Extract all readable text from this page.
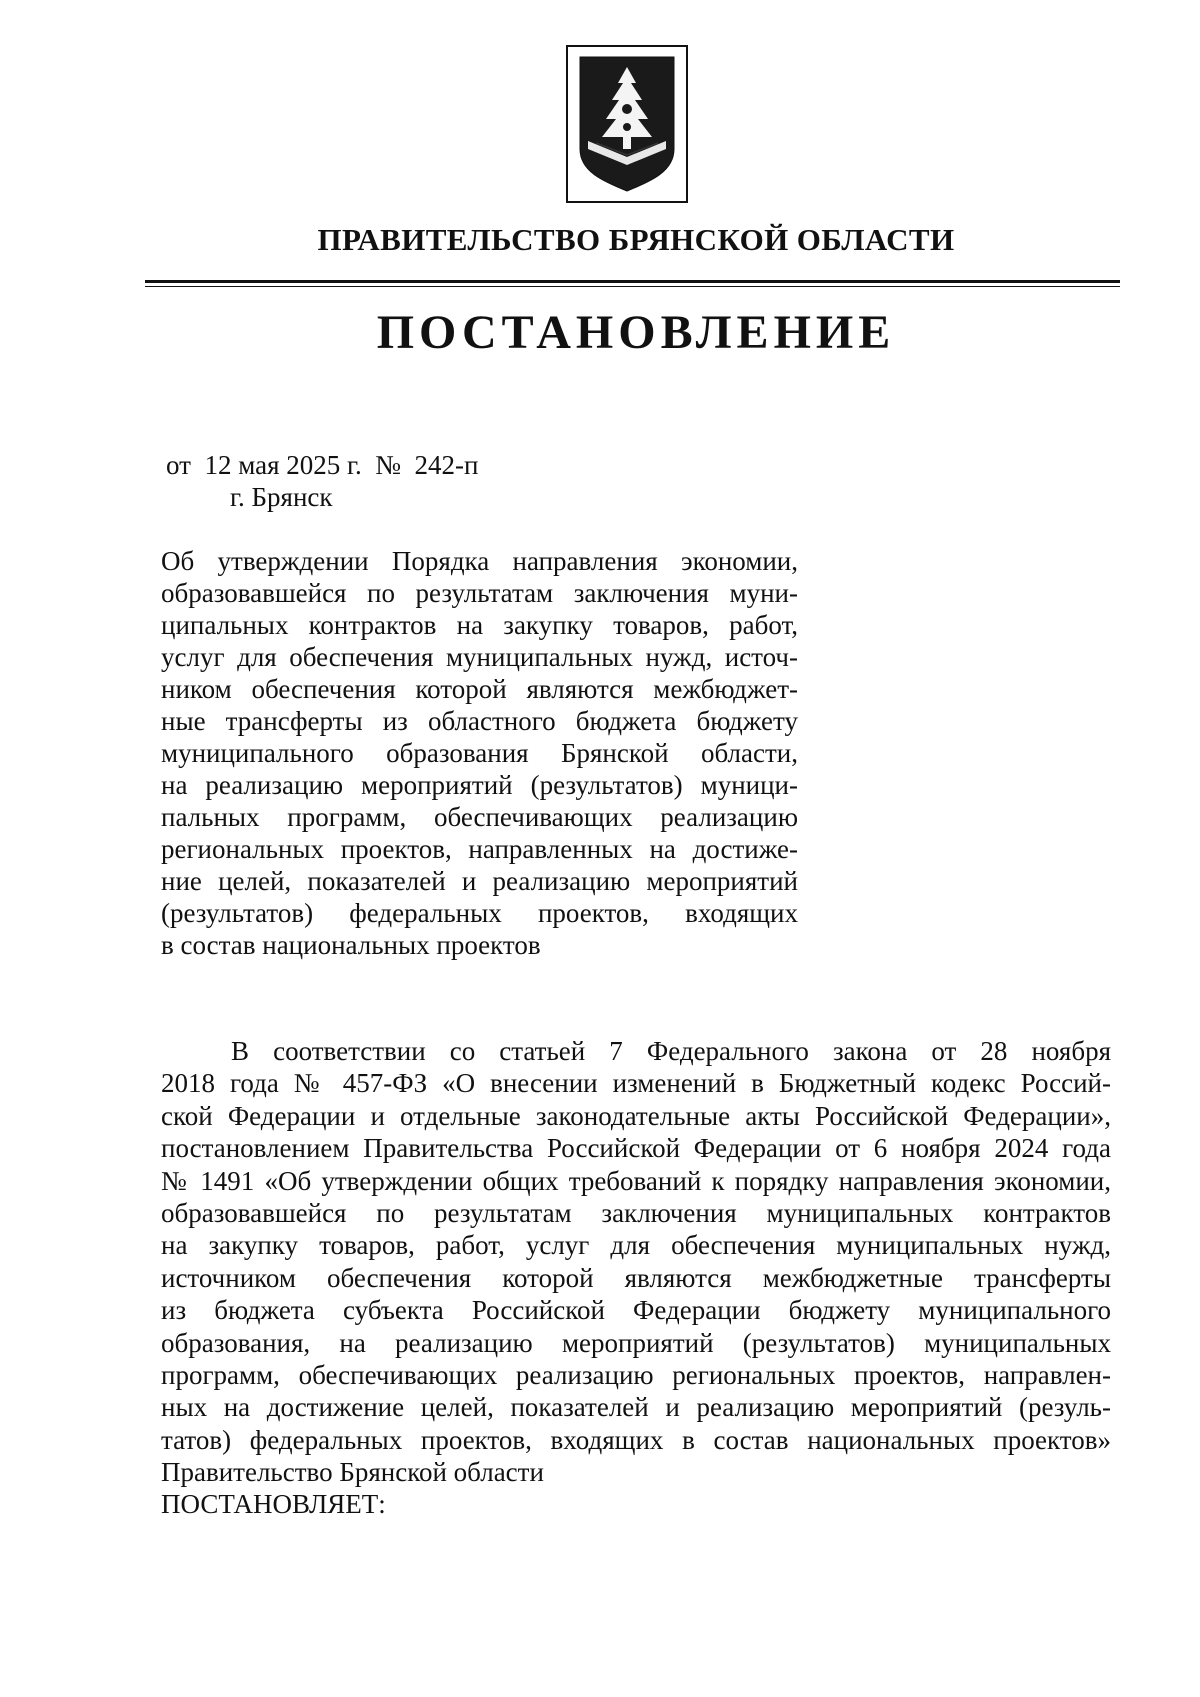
ПРАВИТЕЛЬСТВО БРЯНСКОЙ ОБЛАСТИ
ПОСТАНОВЛЕНИЕ
от  12 мая 2025 г.  №  242-п
г. Брянск
Об утверждении Порядка направления экономии,
образовавшейся по результатам заключения муни-
ципальных контрактов на закупку товаров, работ,
услуг для обеспечения муниципальных нужд, источ-
ником обеспечения которой являются межбюджет-
ные трансферты из областного бюджета бюджету
муниципального образования Брянской области,
на реализацию мероприятий (результатов) муници-
пальных программ, обеспечивающих реализацию
региональных проектов, направленных на достиже-
ние целей, показателей и реализацию мероприятий
(результатов) федеральных проектов, входящих
в состав национальных проектов
В соответствии со статьей 7 Федерального закона от 28 ноября
2018 года № 457-ФЗ «О внесении изменений в Бюджетный кодекс Россий-
ской Федерации и отдельные законодательные акты Российской Федерации»,
постановлением Правительства Российской Федерации от 6 ноября 2024 года
№ 1491 «Об утверждении общих требований к порядку направления экономии,
образовавшейся по результатам заключения муниципальных контрактов
на закупку товаров, работ, услуг для обеспечения муниципальных нужд,
источником обеспечения которой являются межбюджетные трансферты
из бюджета субъекта Российской Федерации бюджету муниципального
образования, на реализацию мероприятий (результатов) муниципальных
программ, обеспечивающих реализацию региональных проектов, направлен-
ных на достижение целей, показателей и реализацию мероприятий (резуль-
татов) федеральных проектов, входящих в состав национальных проектов»
Правительство Брянской области
ПОСТАНОВЛЯЕТ:
